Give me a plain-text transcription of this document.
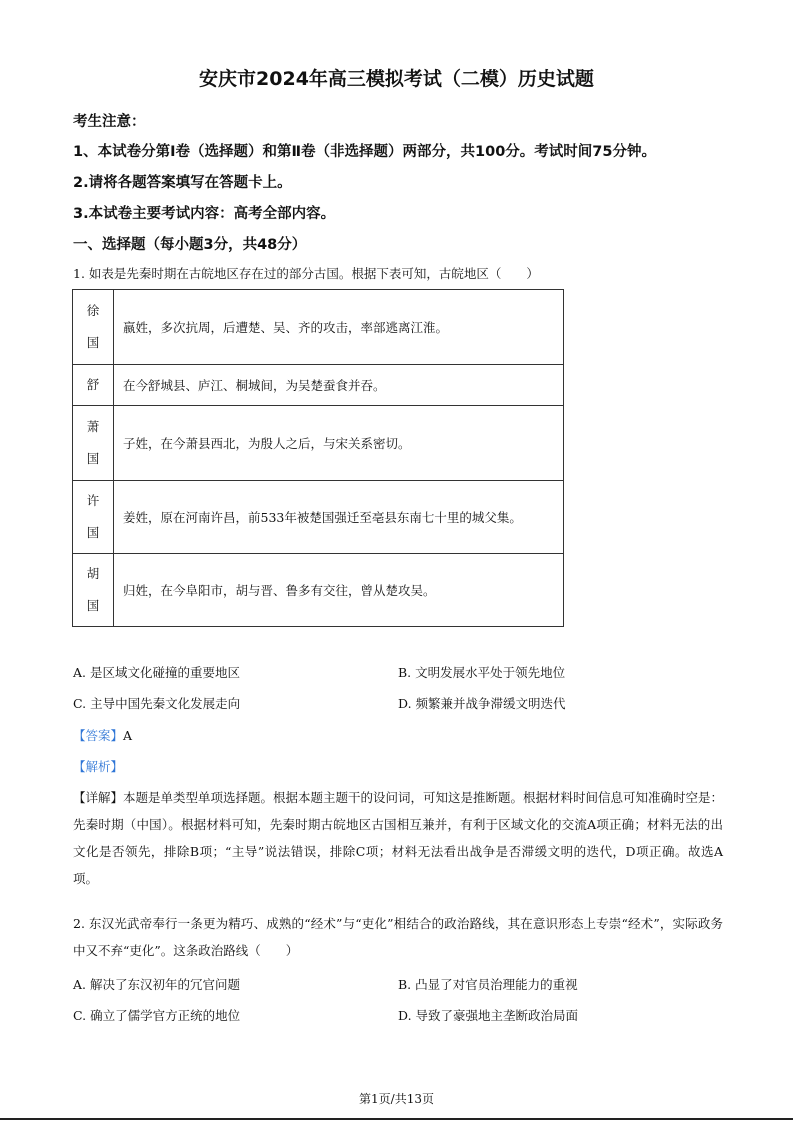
安庆市2024年高三模拟考试（二模）历史试题
考生注意：
1、本试卷分第Ⅰ卷（选择题）和第Ⅱ卷（非选择题）两部分，共100分。考试时间75分钟。
2.请将各题答案填写在答题卡上。
3.本试卷主要考试内容：高考全部内容。
一、选择题（每小题3分，共48分）
1. 如表是先秦时期在古皖地区存在过的部分古国。根据下表可知，古皖地区（　　）
徐
国	嬴姓，多次抗周，后遭楚、吴、齐的攻击，率部逃离江淮。
舒	在今舒城县、庐江、桐城间，为吴楚蚕食并吞。
萧
国	子姓，在今萧县西北，为殷人之后，与宋关系密切。
许
国	姜姓，原在河南许昌，前533年被楚国强迁至亳县东南七十里的城父集。
胡
国	归姓，在今阜阳市，胡与晋、鲁多有交往，曾从楚攻吴。
A. 是区域文化碰撞的重要地区	B. 文明发展水平处于领先地位
C. 主导中国先秦文化发展走向	D. 频繁兼并战争滞缓文明迭代
【答案】A
【解析】
【详解】本题是单类型单项选择题。根据本题主题干的设问词，可知这是推断题。根据材料时间信息可知准确时空是：先秦时期（中国）。根据材料可知，先秦时期古皖地区古国相互兼并，有利于区域文化的交流A项正确；材料无法的出文化是否领先，排除B项；“主导”说法错误，排除C项；材料无法看出战争是否滞缓文明的迭代，D项正确。故选A项。
2. 东汉光武帝奉行一条更为精巧、成熟的“经术”与“吏化”相结合的政治路线，其在意识形态上专崇“经术”，实际政务中又不弃“吏化”。这条政治路线（　　）
A. 解决了东汉初年的冗官问题	B. 凸显了对官员治理能力的重视
C. 确立了儒学官方正统的地位	D. 导致了豪强地主垄断政治局面
第1页/共13页
